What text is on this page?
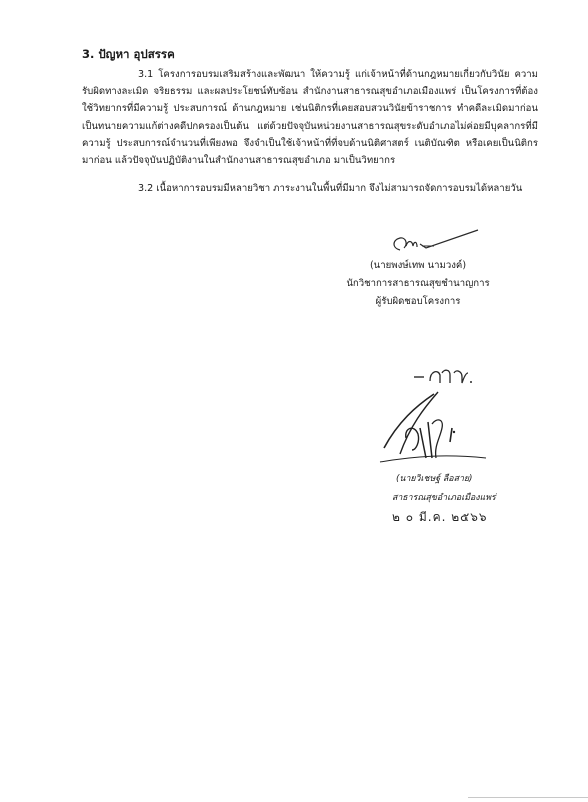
3. ปัญหา อุปสรรค

3.1 โครงการอบรมเสริมสร้างและพัฒนา ให้ความรู้ แก่เจ้าหน้าที่ด้านกฎหมายเกี่ยวกับวินัย ความรับผิดทางละเมิด จริยธรรม และผลประโยชน์ทับซ้อน สำนักงานสาธารณสุขอำเภอเมืองแพร่ เป็นโครงการที่ต้องใช้วิทยากรที่มีความรู้ ประสบการณ์ ด้านกฎหมาย เช่นนิติกรที่เคยสอบสวนวินัยข้าราชการ ทำคดีละเมิดมาก่อน เป็นทนายความแก้ต่างคดีปกครองเป็นต้น แต่ด้วยปัจจุบันหน่วยงานสาธารณสุขระดับอำเภอไม่ค่อยมีบุคลากรที่มีความรู้ ประสบการณ์จำนวนที่เพียงพอ จึงจำเป็นใช้เจ้าหน้าที่ที่จบด้านนิติศาสตร์ เนติบัณฑิต หรือเคยเป็นนิติกรมาก่อน แล้วปัจจุบันปฏิบัติงานในสำนักงานสาธารณสุขอำเภอ มาเป็นวิทยากร

3.2 เนื้อหาการอบรมมีหลายวิชา ภาระงานในพื้นที่มีมาก จึงไม่สามารถจัดการอบรมได้หลายวัน

(นายพงษ์เทพ นามวงค์)
นักวิชาการสาธารณสุขชำนาญการ
ผู้รับผิดชอบโครงการ
(นายวิเชษฐ์ ลือสาย)
สาธารณสุขอำเภอเมืองแพร่
๒ ๐ มี.ค. ๒๕๖๖
